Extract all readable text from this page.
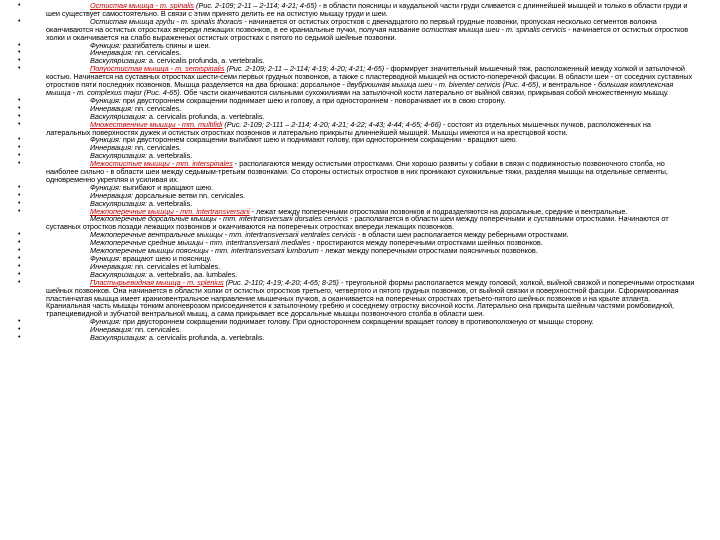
• Остистая мышца - m. spinalis (Рис. 2-109; 2-11 – 2-114; 4-21; 4-65) - в области поясницы и каудальной части груди сливается с длиннейшей мышцей и только в области груди и шеи существует самостоятельно. В связи с этим принято делить ее на остистую мышцу груди и шеи.
• Остистая мышца груди - m. spinalis thoracis - начинается от остистых отростков с двенадцатого по первый грудные позвонки, пропуская несколько сегментов волокна оканчиваются на остистых отростках впереди лежащих позвонков, в ее краниальные пучки, получая название остистая мышца шеи - m. spinalis cervicis - начинается от остистых отростков холки и оканчивается на слабо выраженных остистых отростках с пятого по седьмой шейные позвонки.
• Функция: разгибатель спины и шеи.
• Иннервация: nn. cervicales.
• Васкуляризация: a. cervicalis profunda, a. vertebralis.
• Полуостистая мышца - m. semispinalis (Рис. 2-109; 2-11 – 2-114; 4-19; 4-20; 4-21; 4-65) - формирует значительный мышечный тяж, расположенный между холкой и затылочной костью. Начинается на суставных отростках шести-семи первых грудных позвонков, а также с пластерводной мышцей на остисто-поперечной фасции. В области шеи - от соседних суставных отростков пяти последних позвонков. Мышца разделяется на два брюшка: дорсальное - двубрюшная мышца шеи - m. biventer cervicis (Рис. 4-65), и вентральное - большая комплексная мышца - m. complexus major (Рис. 4-65). Обе части оканчиваются сильными сухожилиями на затылочной кости латерально от выйной связки, прикрывая собой множественную мышцу.
• Функция: при двустороннем сокращении поднимает шею и голову, а при одностороннем - поворачивает их в свою сторону.
• Иннервация: nn. cervicales.
• Васкуляризация: a. cervicalis profunda, a. vertebralis.
• Множественные мышцы - mm. multifidi (Рис. 2-109; 2-111 – 2-114; 4-20; 4-21; 4-22; 4-43; 4-44; 4-65; 4-66) - состоят из отдельных мышечных пучков, расположенных на латеральных поверхностях дужек и остистых отростках позвонков и латерально прикрыты длиннейшей мышцей. Мышцы имеются и на крестцовой кости.
• Функция: при двустороннем сокращении выгибают шею и поднимают голову, при одностороннем сокращении - вращают шею.
• Иннервация: nn. cervicales.
• Васкуляризация: a. vertebralis.
• Межостистые мышцы - mm. interspinales - располагаются между остистыми отростками. Они хорошо развиты у собаки в связи с подвижностью позвоночного столба, но наиболее сильно - в области шеи между седьмым-третьим позвонками. Со стороны остистых отростков в них проникают сухожильные тяжи, разделяя мышцы на отдельные сегменты, одновременно укрепляя и усиливая их.
• Функция: выгибают и вращают шею.
• Иннервация: дорсальные ветви nn. cervicales.
• Васкуляризация: a. vertebralis.
• Межпоперечные мышцы - mm. intertransversarii - лежат между поперечными отростками позвонков и подразделяются на дорсальные, средние и вентральные.
Межпоперечные дорсальные мышцы - mm. intertransversarii dorsales cervicis - располагается в области шеи между поперечными и суставными отростками. Начинаются от суставных отростков позади лежащих позвонков и оканчиваются на поперечных отростках впереди лежащих позвонков.
• Межпоперечные вентральные мышцы - mm. intertransversarii ventrales cervicis - в области шеи располагается между реберными отростками.
• Межпоперечные средние мышцы - mm. intertransversarii mediales - простираются между поперечными отростками шейных позвонков.
• Межпоперечные мышцы поясницы - mm. intertransversarii lumborum - лежат между поперечными отростками поясничных позвонков.
• Функция: вращают шею и поясницу.
• Иннервация: nn. cervicales et lumbales.
• Васкуляризация: a. vertebralis, aa. lumbales.
• Пластырьевидная мышца - m. splenius (Рис. 2-110; 4-19; 4-20; 4-65; 8-25) - треугольной формы располагается между головой, холкой, выйной связкой и поперечными отростками шейных позвонков. Она начинается в области холки от остистых отростков третьего, четвертого и пятого грудных позвонков, от выйной связки и поверхностной фасции. Сформированная пластинчатая мышца имеет краниовентральное направление мышечных пучков, а оканчивается на поперечных отростках третьего-пятого шейных позвонков и на крыле атланта. Краниальная часть мышцы тонким апоневрозом присоединяется к затылочному гребню и соседнему отростку височной кости. Латерально она прикрыта шейным частями ромбовидной, трапециевидной и зубчатой вентральной мышц, а сама прикрывает все дорсальные мышцы позвоночного столба в области шеи.
• Функция: при двустороннем сокращении поднимает голову. При одностороннем сокращении вращает голову в противоположную от мышцы сторону.
• Иннервация: nn. cervicales.
• Васкуляризация: a. cervicalis profunda, a. vertebralis.
